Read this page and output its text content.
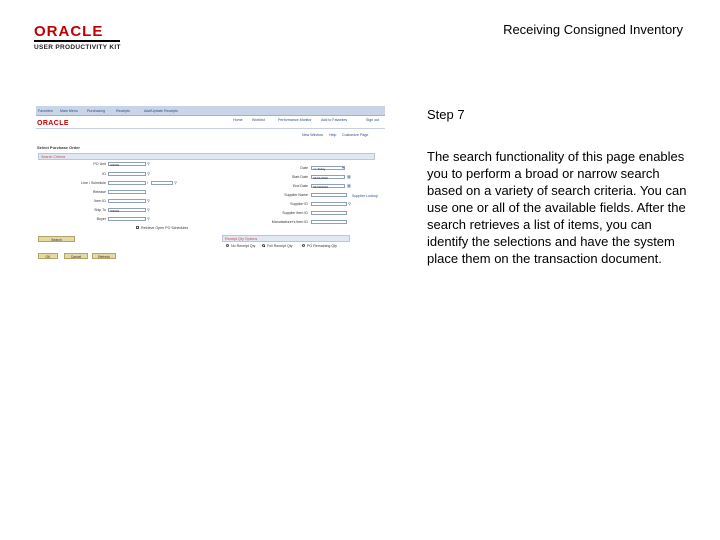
ORACLE
USER PRODUCTIVITY KIT
Receiving Consigned Inventory
Favorites Main Menu	Purchasing	Receipts	Add/Update Receipts
Home	Worklist	Performance Monitor	Add to Favorites	Sign out
ORACLE
New Window Help Customize Page
Select Purchase Order
Search Criteria
PO Unit	US001	⚲
ID	⚲
Line / Schedule	/	⚲
Release
Item ID	⚲
Ship To	US001	⚲
Buyer	⚲
✓ Retrieve Open PO Schedules
Date	<= Today	▾
Start Date	04/01/2010	▦
End Date	04/30/2010	▦
Supplier Name	Supplier Lookup
Supplier ID	⚲
Supplier Item ID
Manufacturer's Item ID
Search	Receipt Qty Options
No Receipt Qty	Full Receipt Qty	PO Remaining Qty
OK	Cancel	Refresh
Step 7
The search functionality of this page enables you to perform a broad or narrow search based on a variety of search criteria. You can use one or all of the available fields. After the search retrieves a list of items, you can identify the selections and have the system place them on the transaction document.
